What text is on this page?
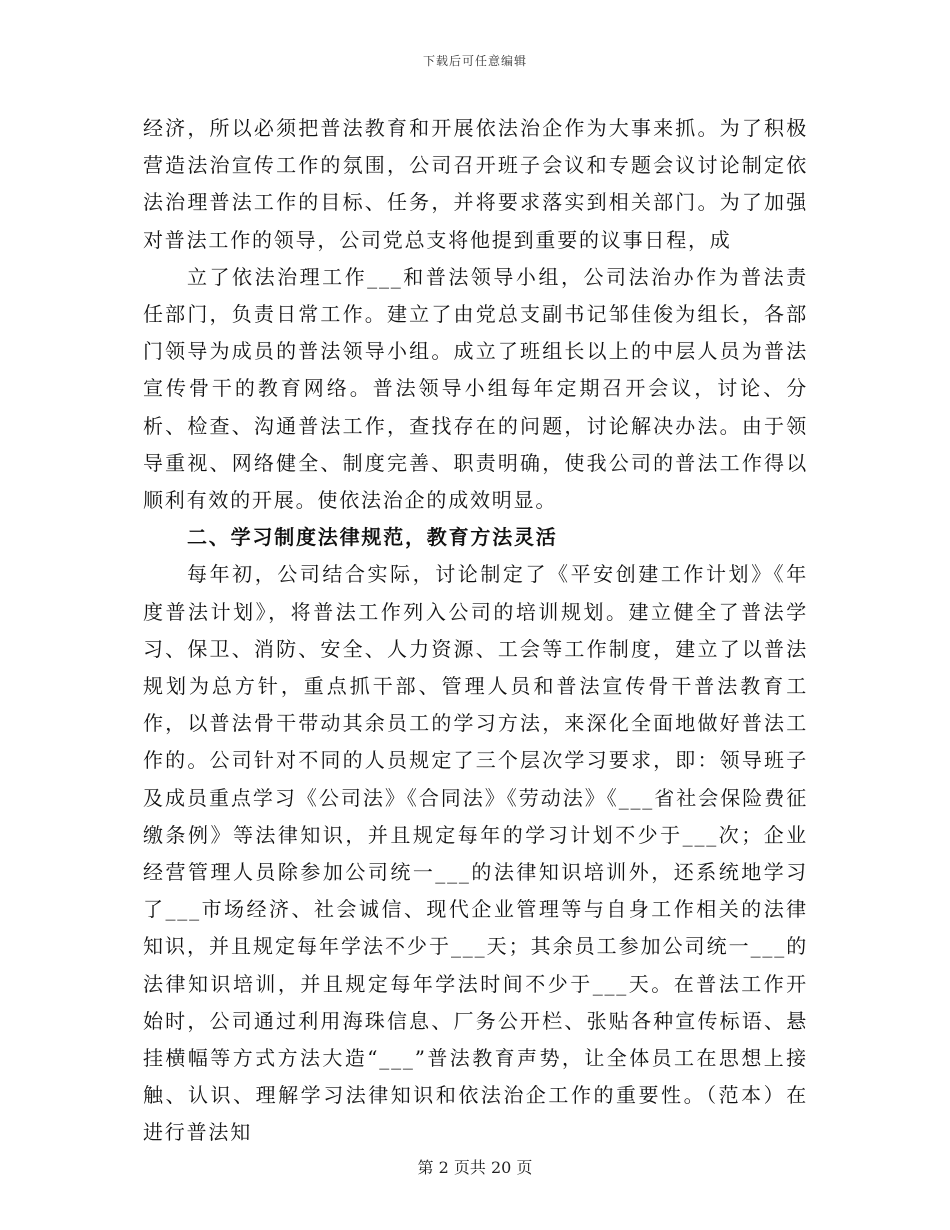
下载后可任意编辑

经济，所以必须把普法教育和开展依法治企作为大事来抓。为了积极营造法治宣传工作的氛围，公司召开班子会议和专题会议讨论制定依法治理普法工作的目标、任务，并将要求落实到相关部门。为了加强对普法工作的领导，公司党总支将他提到重要的议事日程，成

立了依法治理工作___和普法领导小组，公司法治办作为普法责任部门，负责日常工作。建立了由党总支副书记邹佳俊为组长，各部门领导为成员的普法领导小组。成立了班组长以上的中层人员为普法宣传骨干的教育网络。普法领导小组每年定期召开会议，讨论、分析、检查、沟通普法工作，查找存在的问题，讨论解决办法。由于领导重视、网络健全、制度完善、职责明确，使我公司的普法工作得以顺利有效的开展。使依法治企的成效明显。

二、学习制度法律规范，教育方法灵活

每年初，公司结合实际，讨论制定了《平安创建工作计划》《年度普法计划》，将普法工作列入公司的培训规划。建立健全了普法学习、保卫、消防、安全、人力资源、工会等工作制度，建立了以普法规划为总方针，重点抓干部、管理人员和普法宣传骨干普法教育工作，以普法骨干带动其余员工的学习方法，来深化全面地做好普法工作的。公司针对不同的人员规定了三个层次学习要求，即：领导班子及成员重点学习《公司法》《合同法》《劳动法》《___省社会保险费征缴条例》等法律知识，并且规定每年的学习计划不少于___次；企业经营管理人员除参加公司统一___的法律知识培训外，还系统地学习了___市场经济、社会诚信、现代企业管理等与自身工作相关的法律知识，并且规定每年学法不少于___天；其余员工参加公司统一___的法律知识培训，并且规定每年学法时间不少于___天。在普法工作开始时，公司通过利用海珠信息、厂务公开栏、张贴各种宣传标语、悬挂横幅等方式方法大造“___”普法教育声势，让全体员工在思想上接触、认识、理解学习法律知识和依法治企工作的重要性。（范本）在进行普法知

第 2 页共 20 页
